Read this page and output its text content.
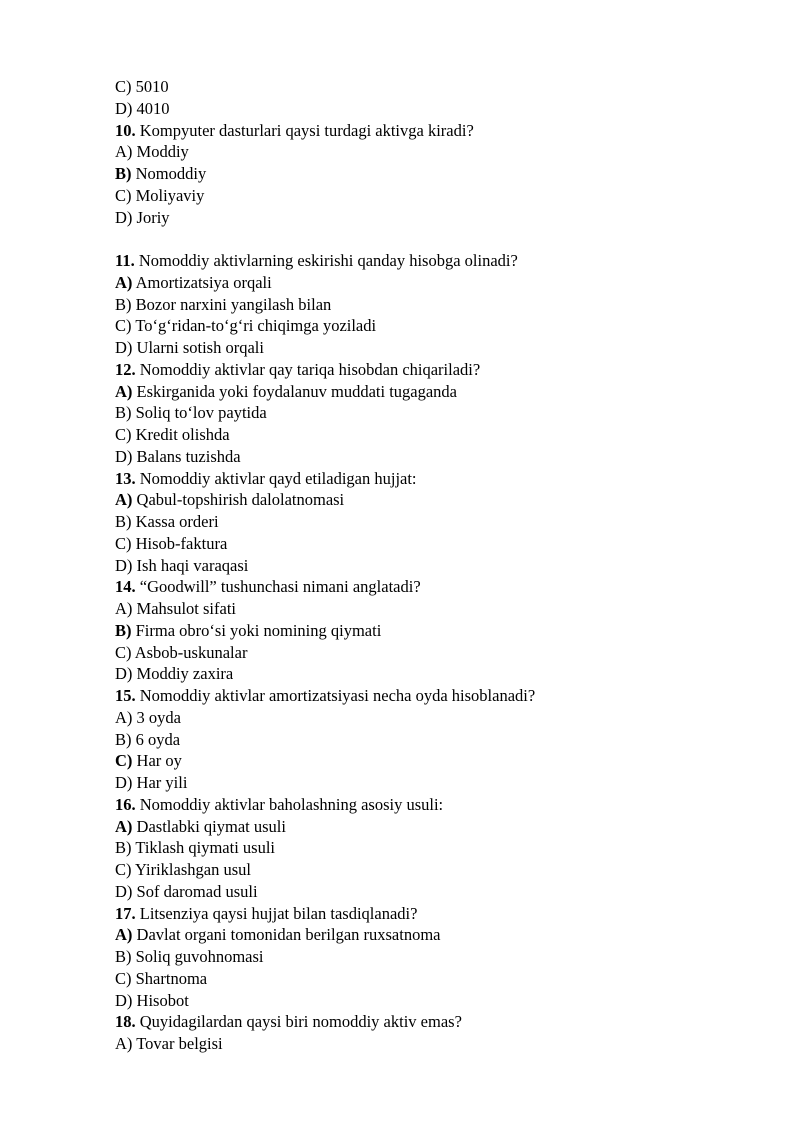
C) 5010
D) 4010
10. Kompyuter dasturlari qaysi turdagi aktivga kiradi?
A) Moddiy
B) Nomoddiy
C) Moliyaviy
D) Joriy
11. Nomoddiy aktivlarning eskirishi qanday hisobga olinadi?
A) Amortizatsiya orqali
B) Bozor narxini yangilash bilan
C) To‘g‘ridan-to‘g‘ri chiqimga yoziladi
D) Ularni sotish orqali
12. Nomoddiy aktivlar qay tariqa hisobdan chiqariladi?
A) Eskirganida yoki foydalanuv muddati tugaganda
B) Soliq to‘lov paytida
C) Kredit olishda
D) Balans tuzishda
13. Nomoddiy aktivlar qayd etiladigan hujjat:
A) Qabul-topshirish dalolatnomasi
B) Kassa orderi
C) Hisob-faktura
D) Ish haqi varaqasi
14. “Goodwill” tushunchasi nimani anglatadi?
A) Mahsulot sifati
B) Firma obro‘si yoki nomining qiymati
C) Asbob-uskunalar
D) Moddiy zaxira
15. Nomoddiy aktivlar amortizatsiyasi necha oyda hisoblanadi?
A) 3 oyda
B) 6 oyda
C) Har oy
D) Har yili
16. Nomoddiy aktivlar baholashning asosiy usuli:
A) Dastlabki qiymat usuli
B) Tiklash qiymati usuli
C) Yiriklashgan usul
D) Sof daromad usuli
17. Litsenziya qaysi hujjat bilan tasdiqlanadi?
A) Davlat organi tomonidan berilgan ruxsatnoma
B) Soliq guvohnomasi
C) Shartnoma
D) Hisobot
18. Quyidagilardan qaysi biri nomoddiy aktiv emas?
A) Tovar belgisi
